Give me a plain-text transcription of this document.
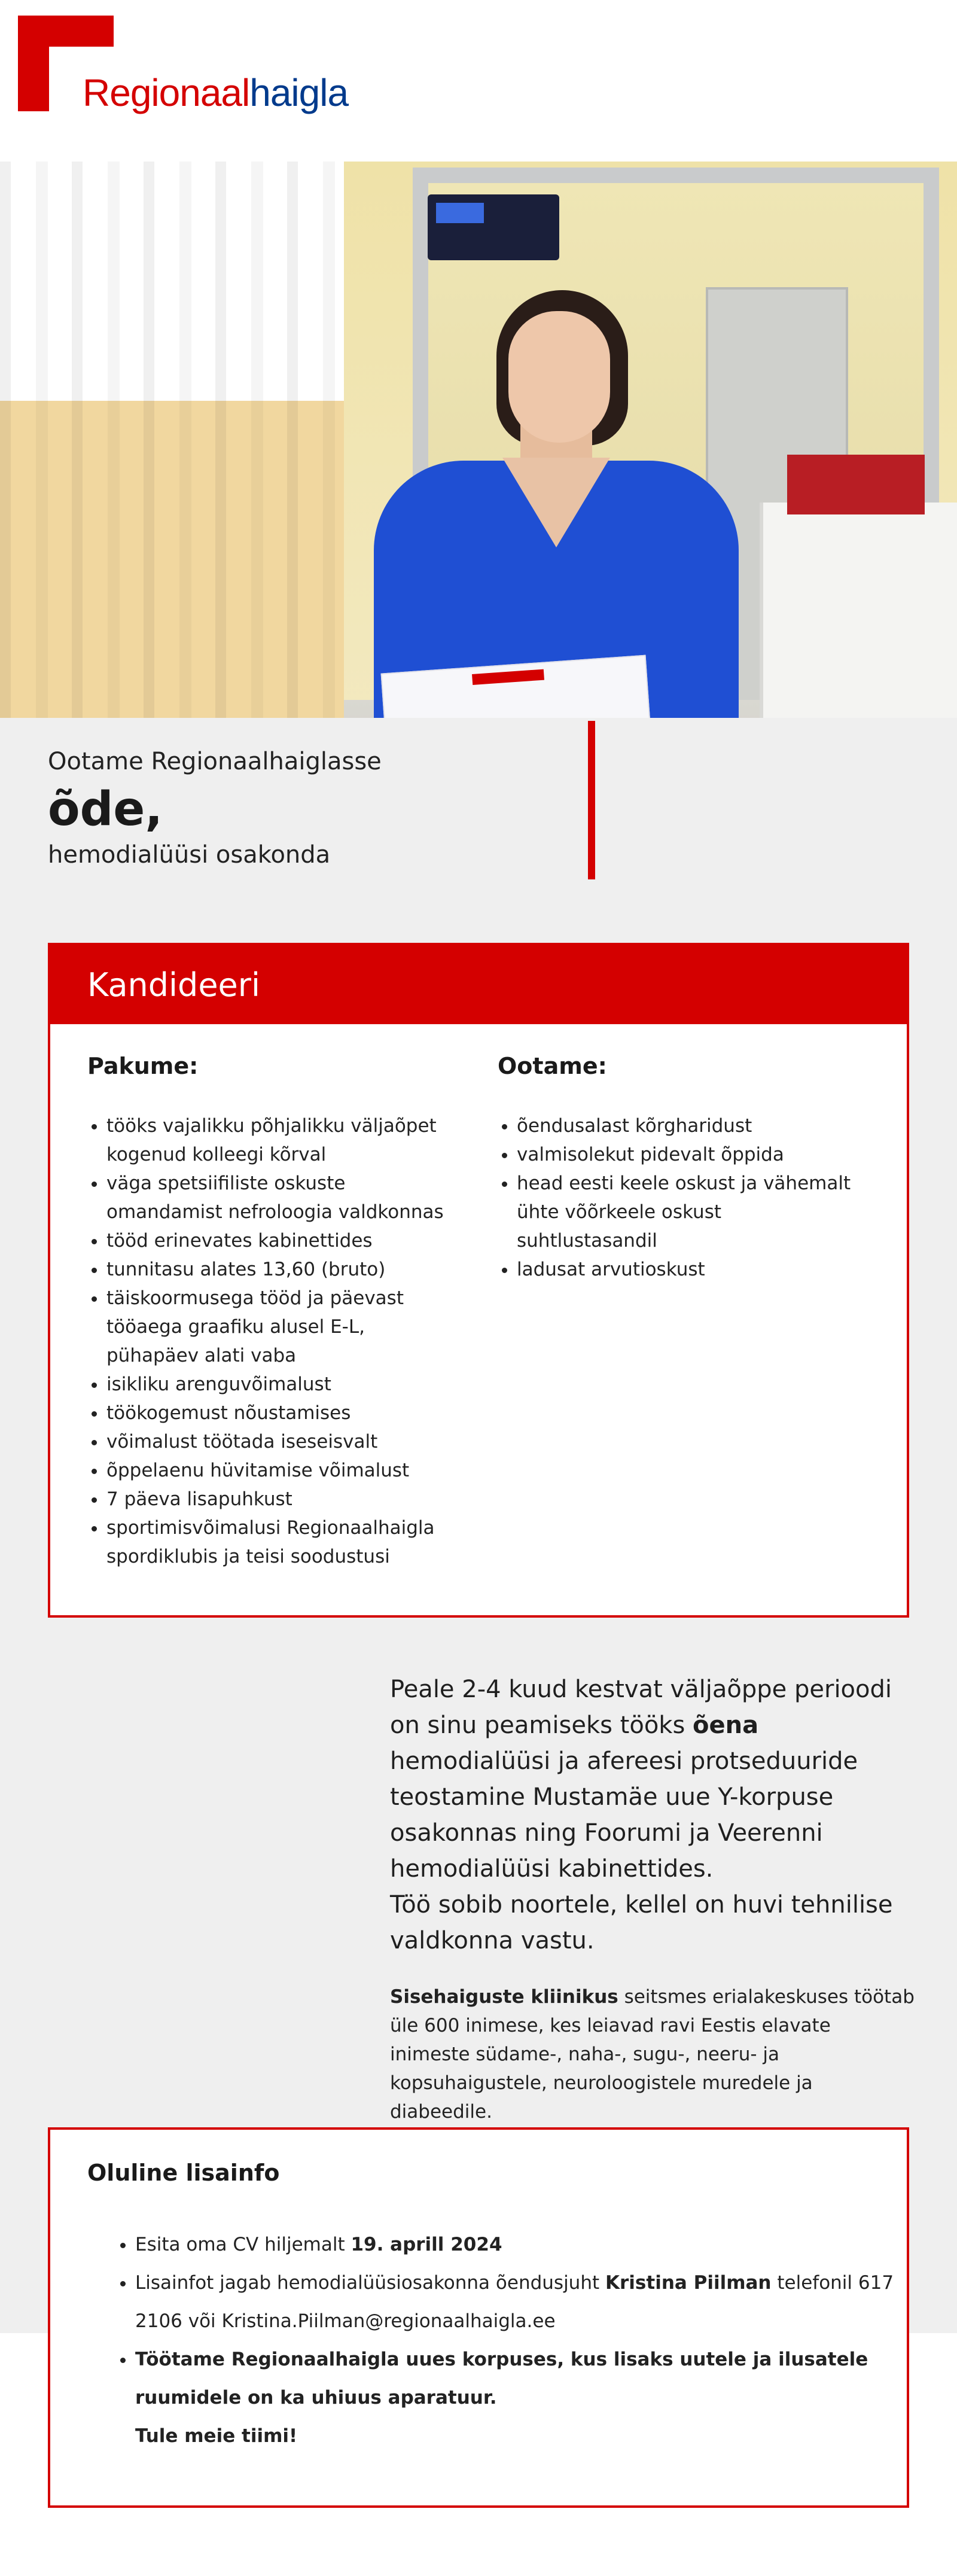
Regionaalhaigla

Ootame Regionaalhaiglasse

õde,

hemodialüüsi osakonda

Kandideeri
Pakume:
• tööks vajalikku põhjalikku väljaõpet kogenud kolleegi kõrval
• väga spetsiifiliste oskuste omandamist nefroloogia valdkonnas
• tööd erinevates kabinettides
• tunnitasu alates 13,60 (bruto)
• täiskoormusega tööd ja päevast tööaega graafiku alusel E-L, pühapäev alati vaba
• isikliku arenguvõimalust
• töökogemust nõustamises
• võimalust töötada iseseisvalt
• õppelaenu hüvitamise võimalust
• 7 päeva lisapuhkust
• sportimisvõimalusi Regionaalhaigla spordiklubis ja teisi soodustusi
Ootame:
• õendusalast kõrgharidust
• valmisolekut pidevalt õppida
• head eesti keele oskust ja vähemalt ühte võõrkeele oskust suhtlustasandil
• ladusat arvutioskust

Peale 2-4 kuud kestvat väljaõppe perioodi on sinu peamiseks tööks õena hemodialüüsi ja afereesi protseduuride teostamine Mustamäe uue Y-korpuse osakonnas ning Foorumi ja Veerenni hemodialüüsi kabinettides.

Töö sobib noortele, kellel on huvi tehnilise valdkonna vastu.

Sisehaiguste kliinikus seitsmes erialakeskuses töötab üle 600 inimese, kes leiavad ravi Eestis elavate inimeste südame-, naha-, sugu-, neeru- ja kopsuhaigustele, neuroloogistele muredele ja diabeedile.

Oluline lisainfo
• Esita oma CV hiljemalt 19. aprill 2024
• Lisainfot jagab hemodialüüsiosakonna õendusjuht Kristina Piilman telefonil 617 2106 või Kristina.Piilman@regionaalhaigla.ee
• Töötame Regionaalhaigla uues korpuses, kus lisaks uutele ja ilusatele ruumidele on ka uhiuus aparatuur.
Tule meie tiimi!
